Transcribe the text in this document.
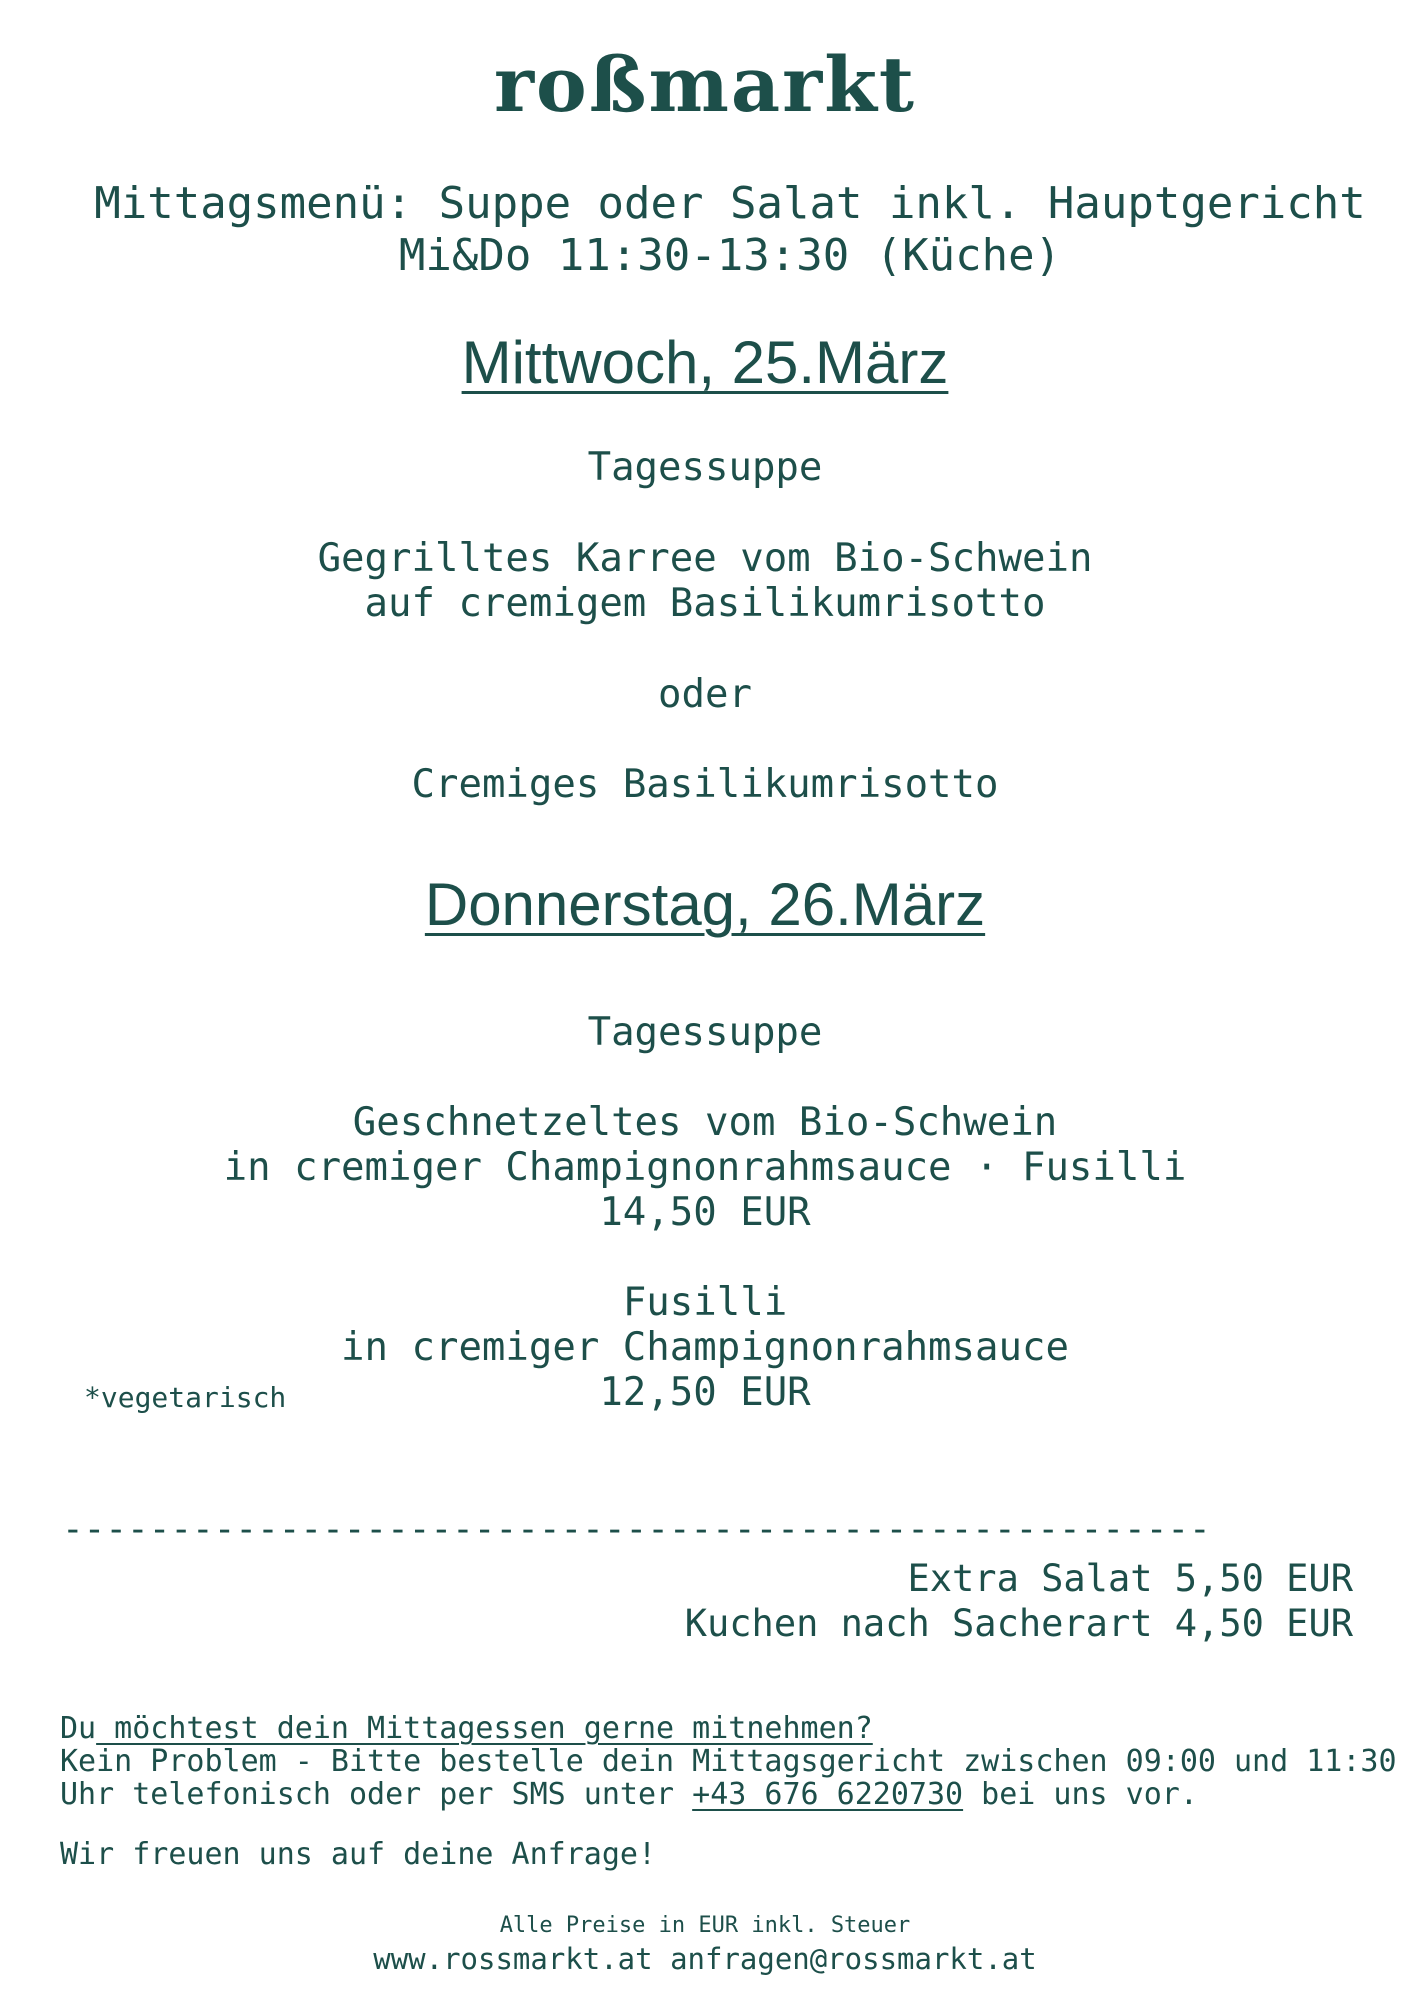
roßmarkt
Mittagsmenü: Suppe oder Salat inkl. Hauptgericht
Mi&Do 11:30-13:30 (Küche)
Mittwoch, 25.März
Tagessuppe
Gegrilltes Karree vom Bio-Schwein
auf cremigem Basilikumrisotto
oder
Cremiges Basilikumrisotto
Donnerstag, 26.März
Tagessuppe
Geschnetzeltes vom Bio-Schwein
in cremiger Champignonrahmsauce · Fusilli
14,50 EUR
Fusilli
in cremiger Champignonrahmsauce
12,50 EUR
*vegetarisch
-----------------------------------------------------
Extra Salat 5,50 EUR
Kuchen nach Sacherart 4,50 EUR
Du möchtest dein Mittagessen gerne mitnehmen?
Kein Problem - Bitte bestelle dein Mittagsgericht zwischen 09:00 und 11:30
Uhr telefonisch oder per SMS unter +43 676 6220730 bei uns vor.
Wir freuen uns auf deine Anfrage!
Alle Preise in EUR inkl. Steuer
www.rossmarkt.at anfragen@rossmarkt.at
